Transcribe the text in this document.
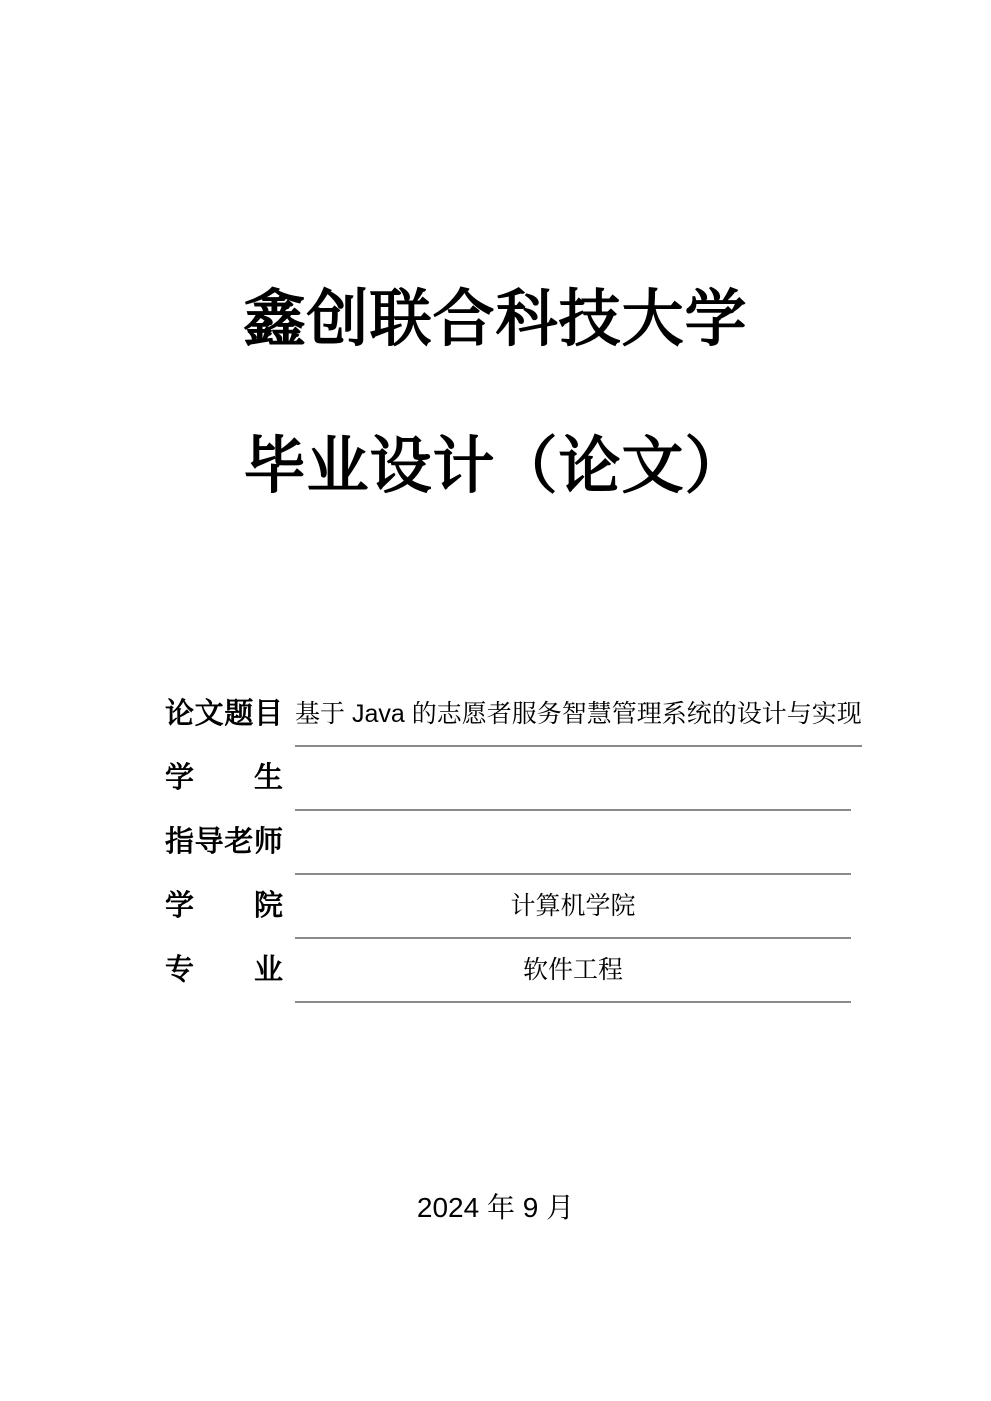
鑫创联合科技大学
毕业设计（论文）
论文题目 基于 Java 的志愿者服务智慧管理系统的设计与实现
学生
指导老师
学院	计算机学院
专业	软件工程
2024 年 9 月
